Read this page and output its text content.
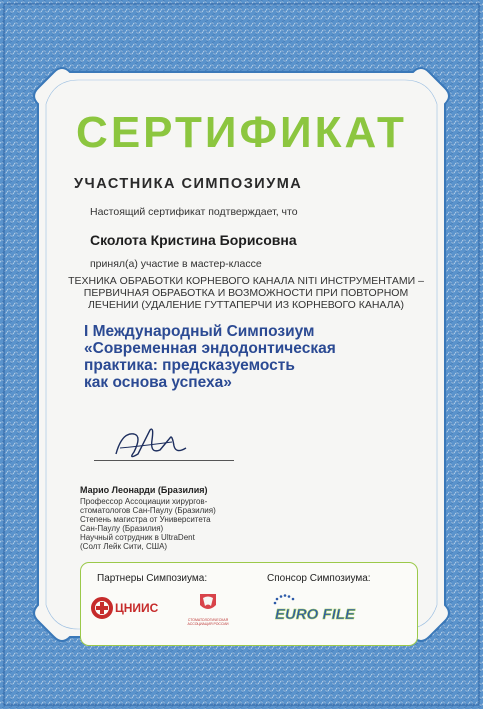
СЕРТИФИКАТ
УЧАСТНИКА СИМПОЗИУМА
Настоящий сертификат подтверждает, что
Сколота Кристина Борисовна
принял(а) участие в мастер-классе
ТЕХНИКА ОБРАБОТКИ КОРНЕВОГО КАНАЛА NITI ИНСТРУМЕНТАМИ – ПЕРВИЧНАЯ ОБРАБОТКА И ВОЗМОЖНОСТИ ПРИ ПОВТОРНОМ ЛЕЧЕНИИ (УДАЛЕНИЕ ГУТТАПЕРЧИ ИЗ КОРНЕВОГО КАНАЛА)
I Международный Симпозиум
«Современная эндодонтическая
практика: предсказуемость
как основа успеха»
Марио Леонарди (Бразилия)
Профессор Ассоциации хирургов-
стоматологов Сан-Паулу (Бразилия)
Степень магистра от Университета
Сан-Паулу (Бразилия)
Научный сотрудник в UltraDent
(Солт Лейк Сити, США)
Партнеры Симпозиума:	Спонсор Симпозиума:
ЦНИИС
СТОМАТОЛОГИЧЕСКАЯ АССОЦИАЦИЯ РОССИИ
EURO FILE
